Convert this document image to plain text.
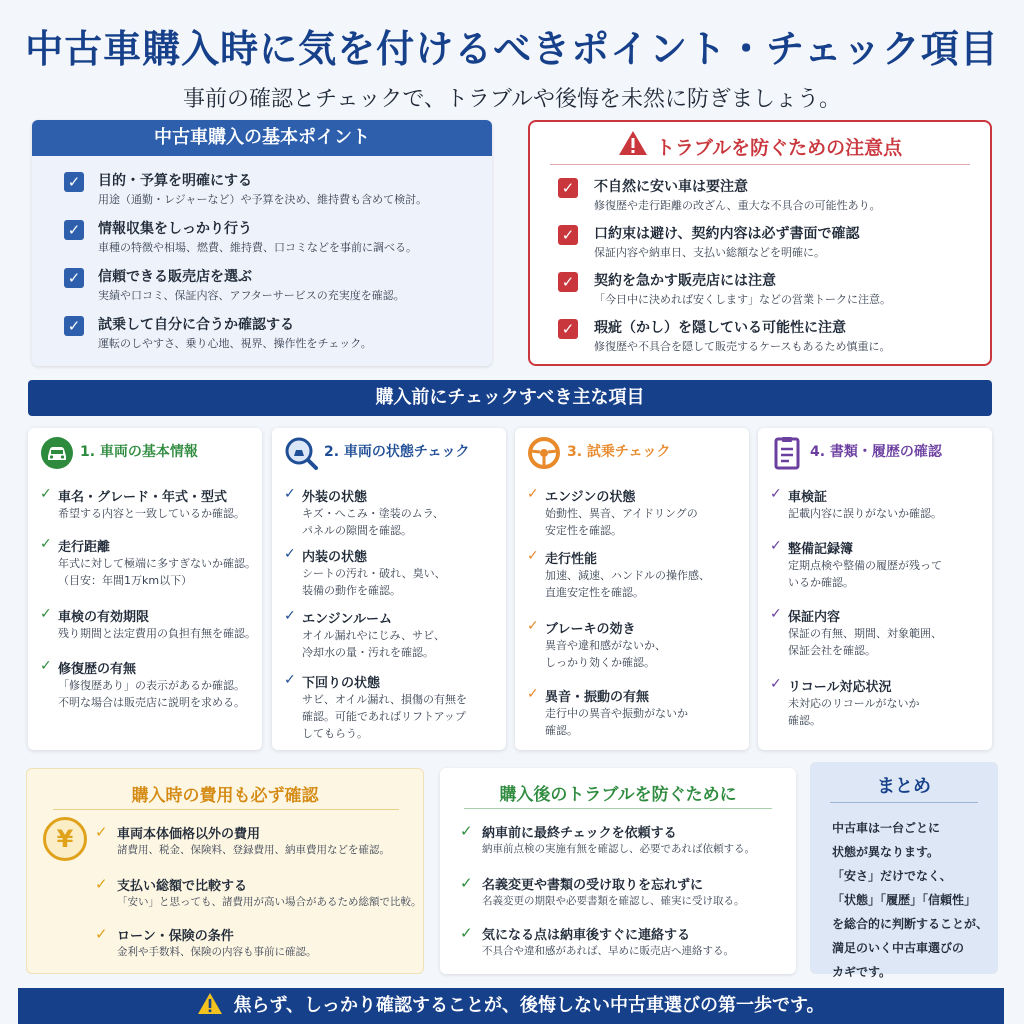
中古車購入時に気を付けるべきポイント・チェック項目
事前の確認とチェックで、トラブルや後悔を未然に防ぎましょう。
中古車購入の基本ポイント
✓ 目的・予算を明確にする
用途（通勤・レジャーなど）や予算を決め、維持費も含めて検討。
✓ 情報収集をしっかり行う
車種の特徴や相場、燃費、維持費、口コミなどを事前に調べる。
✓ 信頼できる販売店を選ぶ
実績や口コミ、保証内容、アフターサービスの充実度を確認。
✓ 試乗して自分に合うか確認する
運転のしやすさ、乗り心地、視界、操作性をチェック。
トラブルを防ぐための注意点
✓ 不自然に安い車は要注意
修復歴や走行距離の改ざん、重大な不具合の可能性あり。
✓ 口約束は避け、契約内容は必ず書面で確認
保証内容や納車日、支払い総額などを明確に。
✓ 契約を急かす販売店には注意
「今日中に決めれば安くします」などの営業トークに注意。
✓ 瑕疵（かし）を隠している可能性に注意
修復歴や不具合を隠して販売するケースもあるため慎重に。
購入前にチェックすべき主な項目
1. 車両の基本情報
✓ 車名・グレード・年式・型式
希望する内容と一致しているか確認。
✓ 走行距離
年式に対して極端に多すぎないか確認。
（目安：年間1万km以下）
✓ 車検の有効期限
残り期間と法定費用の負担有無を確認。
✓ 修復歴の有無
「修復歴あり」の表示があるか確認。
不明な場合は販売店に説明を求める。
2. 車両の状態チェック
✓ 外装の状態
キズ・へこみ・塗装のムラ、
パネルの隙間を確認。
✓ 内装の状態
シートの汚れ・破れ、臭い、
装備の動作を確認。
✓ エンジンルーム
オイル漏れやにじみ、サビ、
冷却水の量・汚れを確認。
✓ 下回りの状態
サビ、オイル漏れ、損傷の有無を
確認。可能であればリフトアップ
してもらう。
3. 試乗チェック
✓ エンジンの状態
始動性、異音、アイドリングの
安定性を確認。
✓ 走行性能
加速、減速、ハンドルの操作感、
直進安定性を確認。
✓ ブレーキの効き
異音や違和感がないか、
しっかり効くか確認。
✓ 異音・振動の有無
走行中の異音や振動がないか
確認。
4. 書類・履歴の確認
✓ 車検証
記載内容に誤りがないか確認。
✓ 整備記録簿
定期点検や整備の履歴が残って
いるか確認。
✓ 保証内容
保証の有無、期間、対象範囲、
保証会社を確認。
✓ リコール対応状況
未対応のリコールがないか
確認。
購入時の費用も必ず確認
¥	✓ 車両本体価格以外の費用
諸費用、税金、保険料、登録費用、納車費用などを確認。
✓ 支払い総額で比較する
「安い」と思っても、諸費用が高い場合があるため総額で比較。
✓ ローン・保険の条件
金利や手数料、保険の内容も事前に確認。
購入後のトラブルを防ぐために
✓ 納車前に最終チェックを依頼する
納車前点検の実施有無を確認し、必要であれば依頼する。
✓ 名義変更や書類の受け取りを忘れずに
名義変更の期限や必要書類を確認し、確実に受け取る。
✓ 気になる点は納車後すぐに連絡する
不具合や違和感があれば、早めに販売店へ連絡する。
まとめ
中古車は一台ごとに
状態が異なります。
「安さ」だけでなく、
「状態」「履歴」「信頼性」
を総合的に判断することが、
満足のいく中古車選びの
カギです。
焦らず、しっかり確認することが、後悔しない中古車選びの第一歩です。
